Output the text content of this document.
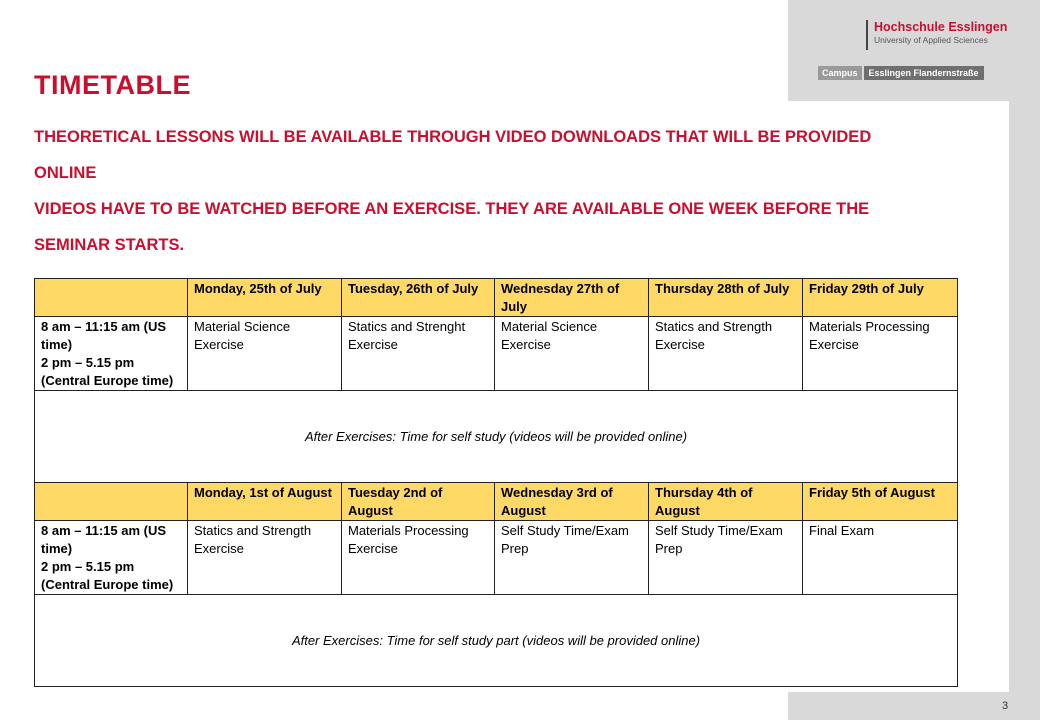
Hochschule Esslingen
University of Applied Sciences
Campus	Esslingen Flandernstraße
TIMETABLE

THEORETICAL LESSONS WILL BE AVAILABLE THROUGH VIDEO DOWNLOADS THAT WILL BE PROVIDED ONLINE

VIDEOS HAVE TO BE WATCHED BEFORE AN EXERCISE. THEY ARE AVAILABLE ONE WEEK BEFORE THE SEMINAR STARTS.

	Monday, 25th of July	Tuesday, 26th of July	Wednesday 27th of July	Thursday 28th of July	Friday 29th of July

8 am – 11:15 am (US time)
2 pm – 5.15 pm
(Central Europe time)	Material Science Exercise	Statics and Strenght Exercise	Material Science Exercise	Statics and Strength Exercise	Materials Processing Exercise
After Exercises: Time for self study (videos will be provided online)					
	Monday, 1st of August	Tuesday 2nd of August	Wednesday 3rd of August	Thursday 4th of August	Friday 5th of August

8 am – 11:15 am (US time)
2 pm – 5.15 pm
(Central Europe time)	Statics and Strength Exercise	Materials Processing Exercise	Self Study Time/Exam Prep	Self Study Time/Exam Prep	Final Exam
After Exercises: Time for self study part (videos will be provided online)					
3
